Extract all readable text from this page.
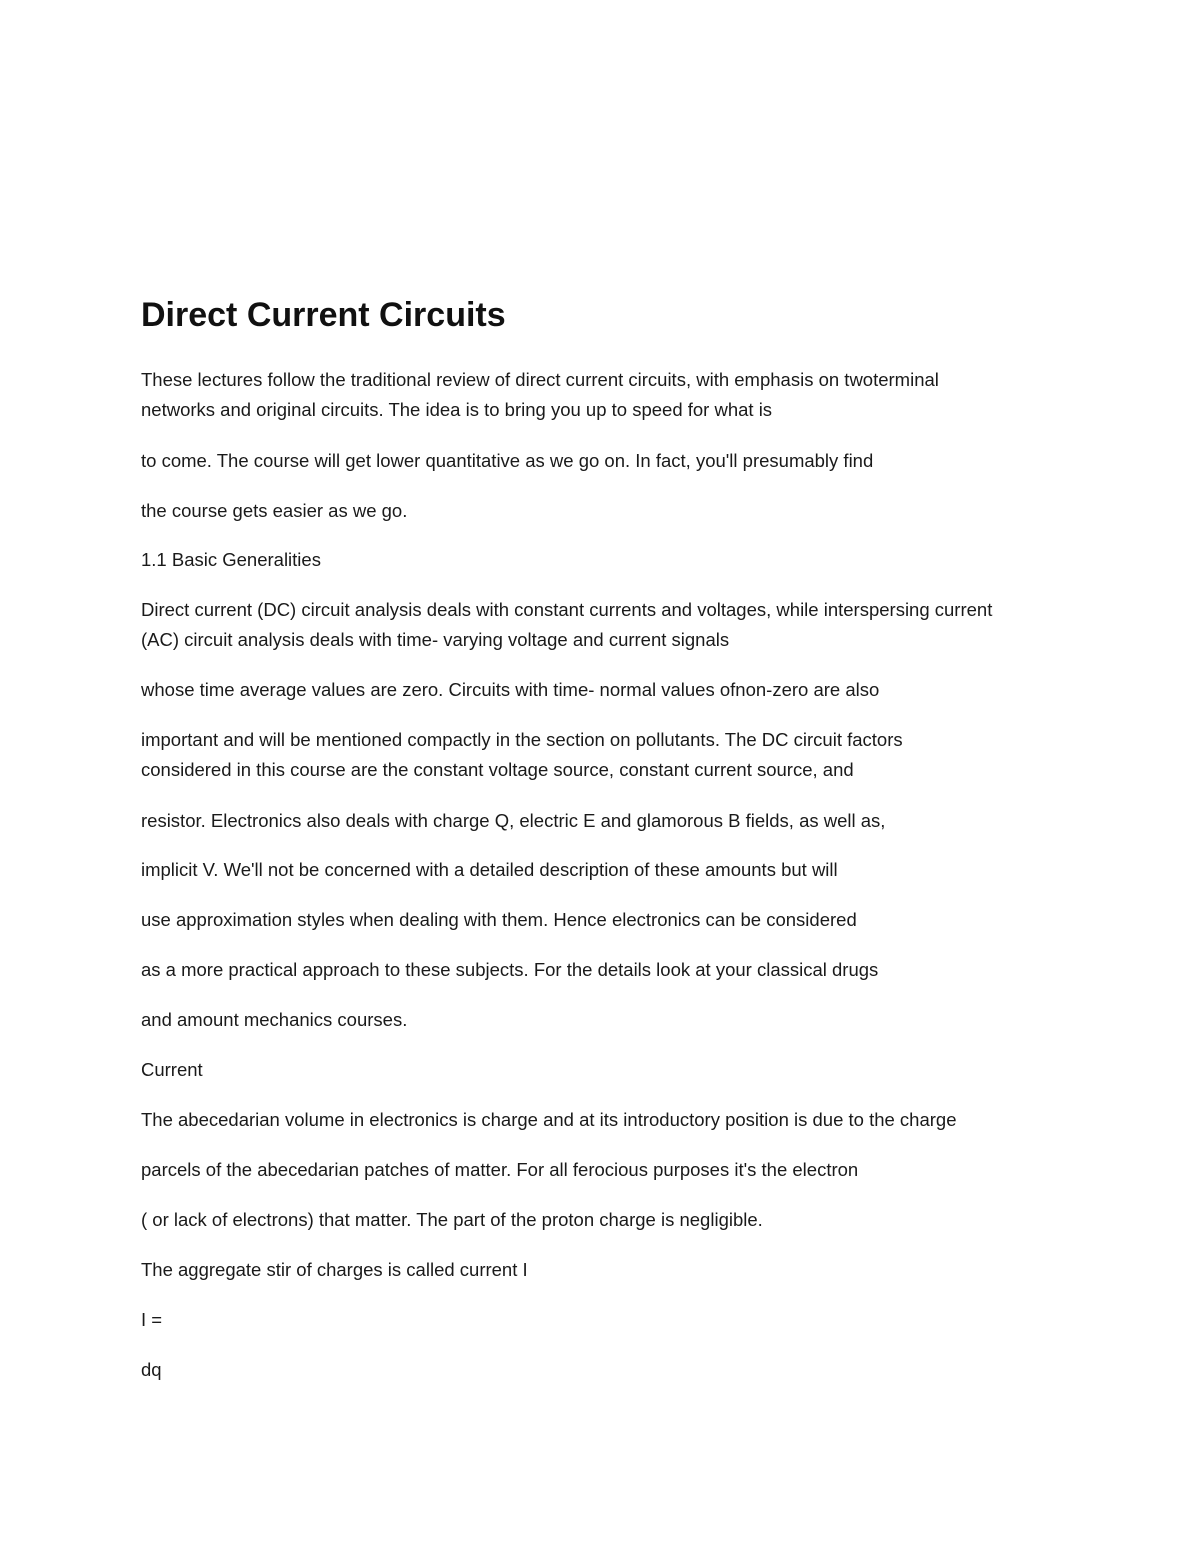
Direct Current Circuits

These lectures follow the traditional review of direct current circuits, with emphasis on twoterminal

networks and original circuits. The idea is to bring you up to speed for what is

to come. The course will get lower quantitative as we go on. In fact, you'll presumably find

the course gets easier as we go.

1.1 Basic Generalities

Direct current (DC) circuit analysis deals with constant currents and voltages, while interspersing current

(AC) circuit analysis deals with time- varying voltage and current signals

whose time average values are zero. Circuits with time- normal values ofnon-zero are also

important and will be mentioned compactly in the section on pollutants. The DC circuit factors

considered in this course are the constant voltage source, constant current source, and

resistor. Electronics also deals with charge Q, electric E and glamorous B fields, as well as,

implicit V. We'll not be concerned with a detailed description of these amounts but will

use approximation styles when dealing with them. Hence electronics can be considered

as a more practical approach to these subjects. For the details look at your classical drugs

and amount mechanics courses.

Current

The abecedarian volume in electronics is charge and at its introductory position is due to the charge

parcels of the abecedarian patches of matter. For all ferocious purposes it's the electron

( or lack of electrons) that matter. The part of the proton charge is negligible.

The aggregate stir of charges is called current I

I =

dq
